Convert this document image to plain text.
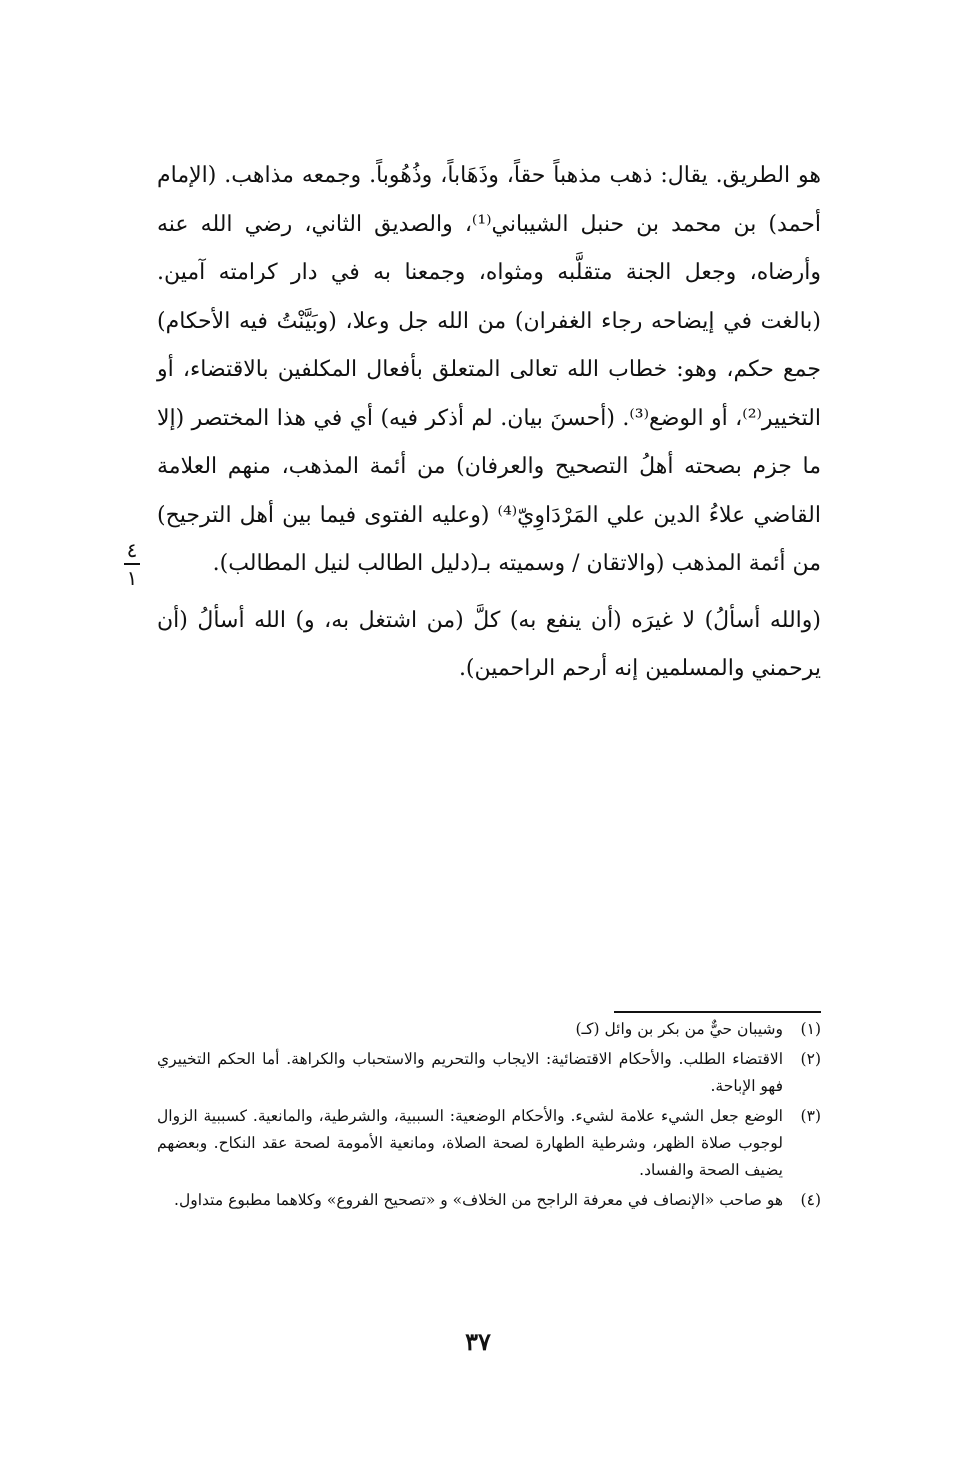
هو الطريق. يقال: ذهب مذهباً حقاً، وذَهَاباً، وذُهُوباً. وجمعه مذاهب. (الإمام أحمد) بن محمد بن حنبل الشيباني⁽¹⁾، والصديق الثاني، رضي الله عنه وأرضاه، وجعل الجنة متقلَّبه ومثواه، وجمعنا به في دار كرامته آمين. (بالغت في إيضاحه رجاء الغفران) من الله جل وعلا، (وبَيَّنْتُ فيه الأحكام) جمع حكم، وهو: خطاب الله تعالى المتعلق بأفعال المكلفين بالاقتضاء، أو التخيير⁽²⁾، أو الوضع⁽³⁾. (أحسنَ بيان. لم أذكر فيه) أي في هذا المختصر (إلا ما جزم بصحته أهلُ التصحيح والعرفان) من أئمة المذهب، منهم العلامة القاضي علاءُ الدين علي المَرْدَاوِيّ⁽⁴⁾ (وعليه الفتوى فيما بين أهل الترجيح) من أئمة المذهب (والاتقان / وسميته بـ(دليل الطالب لنيل المطالب).

(والله أسألُ) لا غيرَه (أن ينفع به) كلَّ (من اشتغل به، و) الله أسألُ (أن يرحمني والمسلمين إنه أرحم الراحمين).

٤
١
(١)
وشيبان حيٌّ من بكر بن وائل (كـ)
(٢)
الاقتضاء الطلب. والأحكام الاقتضائية: الايجاب والتحريم والاستحباب والكراهة. أما الحكم التخييري فهو الإباحة.
(٣)
الوضع جعل الشيء علامة لشيء. والأحكام الوضعية: السببية، والشرطية، والمانعية. كسببية الزوال لوجوب صلاة الظهر، وشرطية الطهارة لصحة الصلاة، ومانعية الأمومة لصحة عقد النكاح. وبعضهم يضيف الصحة والفساد.
(٤)
هو صاحب «الإنصاف في معرفة الراجح من الخلاف» و «تصحيح الفروع» وكلاهما مطبوع متداول.
٣٧
